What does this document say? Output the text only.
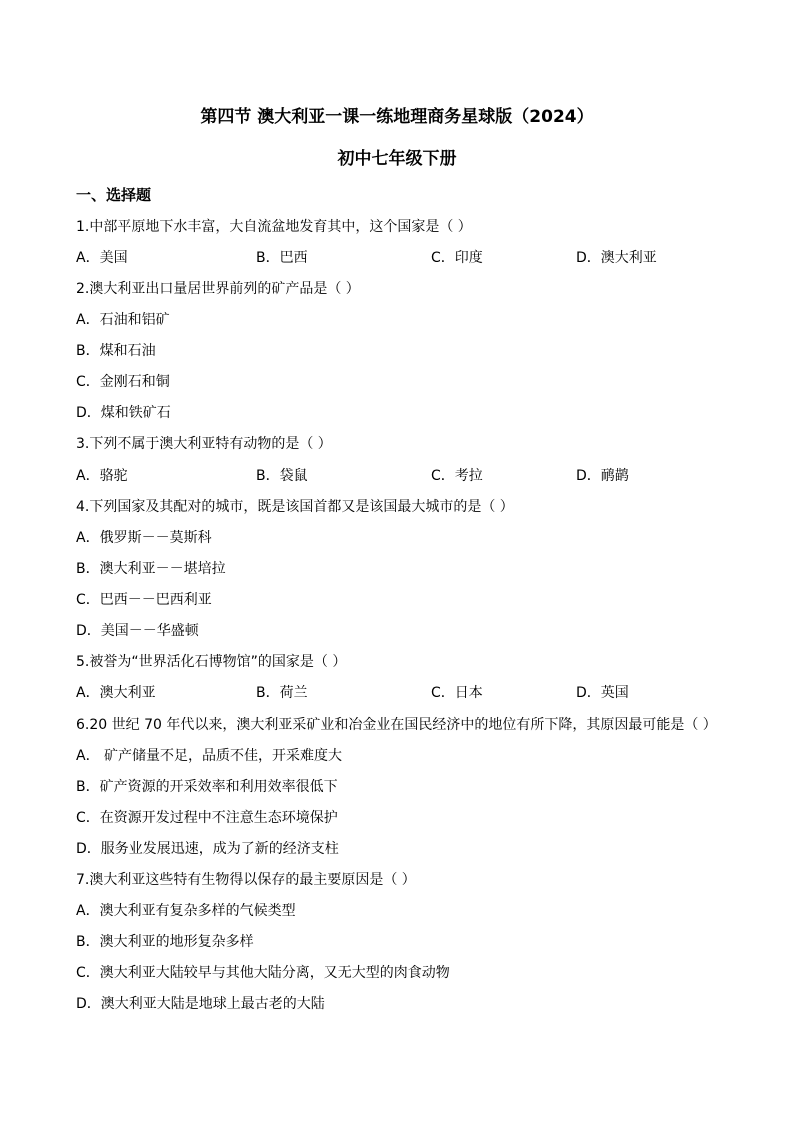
第四节 澳大利亚一课一练地理商务星球版（2024）
初中七年级下册
一、选择题
1.中部平原地下水丰富，大自流盆地发育其中，这个国家是（ ）
A．美国	B．巴西	C．印度	D．澳大利亚
2.澳大利亚出口量居世界前列的矿产品是（ ）
A．石油和铝矿
B．煤和石油
C．金刚石和铜
D．煤和铁矿石
3.下列不属于澳大利亚特有动物的是（ ）
A．骆驼	B．袋鼠	C．考拉	D．鸸鹋
4.下列国家及其配对的城市，既是该国首都又是该国最大城市的是（ ）
A．俄罗斯－－莫斯科
B．澳大利亚－－堪培拉
C．巴西－－巴西利亚
D．美国－－华盛顿
5.被誉为“世界活化石博物馆”的国家是（ ）
A．澳大利亚	B．荷兰	C．日本	D．英国
6.20 世纪 70 年代以来，澳大利亚采矿业和冶金业在国民经济中的地位有所下降，其原因最可能是（ ）
A． 矿产储量不足，品质不佳，开采难度大
B．矿产资源的开采效率和利用效率很低下
C．在资源开发过程中不注意生态环境保护
D．服务业发展迅速，成为了新的经济支柱
7.澳大利亚这些特有生物得以保存的最主要原因是（ ）
A．澳大利亚有复杂多样的气候类型
B．澳大利亚的地形复杂多样
C．澳大利亚大陆较早与其他大陆分离，又无大型的肉食动物
D．澳大利亚大陆是地球上最古老的大陆
